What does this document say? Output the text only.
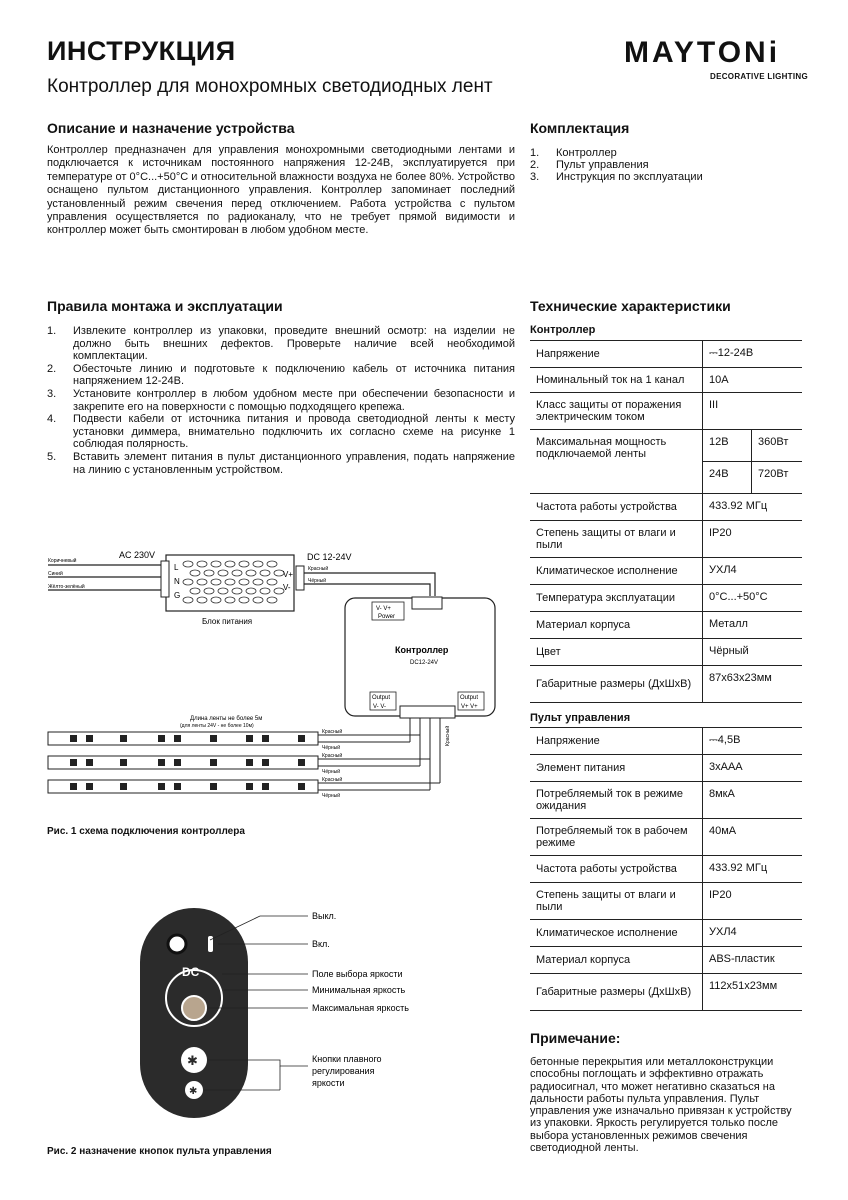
ИНСТРУКЦИЯ
Контроллер для монохромных светодиодных лент
MAYTONi
DECORATIVE LIGHTING
Описание и назначение устройства
Контроллер предназначен для управления монохромными светодиодными лентами и подключается к источникам постоянного напряжения 12-24В, эксплуатируется при температуре от 0°С...+50°С и относительной влажности воздуха не более 80%. Устройство оснащено пультом дистанционного управления. Контроллер запоминает последний установленный режим свечения перед отключением. Работа устройства с пультом управления осуществляется по радиоканалу, что не требует прямой видимости и контроллер может быть смонтирован в любом удобном месте.
Комплектация
1.	Контроллер
2.	Пульт управления
3.	Инструкция по эксплуатации
Правила монтажа и эксплуатации
1.	Извлеките контроллер из упаковки, проведите внешний осмотр: на изделии не должно быть внешних дефектов. Проверьте наличие всей необходимой комплектации.
2.	Обесточьте линию и подготовьте к подключению кабель от источника питания напряжением 12-24В.
3.	Установите контроллер в любом удобном месте при обеспечении безопасности и закрепите его на поверхности с помощью подходящего крепежа.
4.	Подвести кабели от источника питания и провода светодиодной ленты к месту установки диммера, внимательно подключить их согласно схеме на рисунке 1 соблюдая полярность.
5.	Вставить элемент питания в пульт дистанционного управления, подать напряжение на линию с установленным устройством.
Технические характеристики
Контроллер
Напряжение	⎓12-24В	
Номинальный ток на 1 канал	10А	
Класс защиты от поражения электрическим током	III	
Максимальная мощность подключаемой ленты	12В	360Вт
	24В	720Вт
Частота работы устройства	433.92 МГц	
Степень защиты от влаги и пыли	IP20	
Климатическое исполнение	УХЛ4	
Температура эксплуатации	0°С...+50°С	
Материал корпуса	Металл	
Цвет	Чёрный	
Габаритные размеры (ДхШхВ)	87х63х23мм	
Пульт управления
Напряжение	⎓4,5В
Элемент питания	3хААА
Потребляемый ток в режиме ожидания	8мкА
Потребляемый ток в рабочем режиме	40мА
Частота работы устройства	433.92 МГц
Степень защиты от влаги и пыли	IP20
Климатическое исполнение	УХЛ4
Материал корпуса	ABS-пластик
Габаритные размеры (ДхШхВ)	112х51х23мм
Примечание:
бетонные перекрытия или металлоконструкции способны поглощать и эффективно отражать радиосигнал, что может негативно сказаться на дальности работы пульта управления. Пульт управления уже изначально привязан к устройству из упаковки. Яркость регулируется только после выбора установленных режимов свечения светодиодной ленты.
AC 230V	DC 12-24V
L
N
G
V+
V-
Блок питания
Коричневый
Синий
Жёлто-зелёный
Красный
Чёрный
V- V+
Power
Контроллер
DC12-24V
Output
V- V-
Output
V+ V+
Красный
Длина ленты не более 5м
(для ленты 24V - не более 10м)
Красный
Чёрный
Красный
Чёрный
Красный
Чёрный
Рис. 1 схема подключения контроллера
DC
✱
✱
Выкл.
Вкл.
Поле выбора яркости
Минимальная яркость
Максимальная яркость
Кнопки плавного
регулирования
яркости
Рис. 2 назначение кнопок пульта управления
